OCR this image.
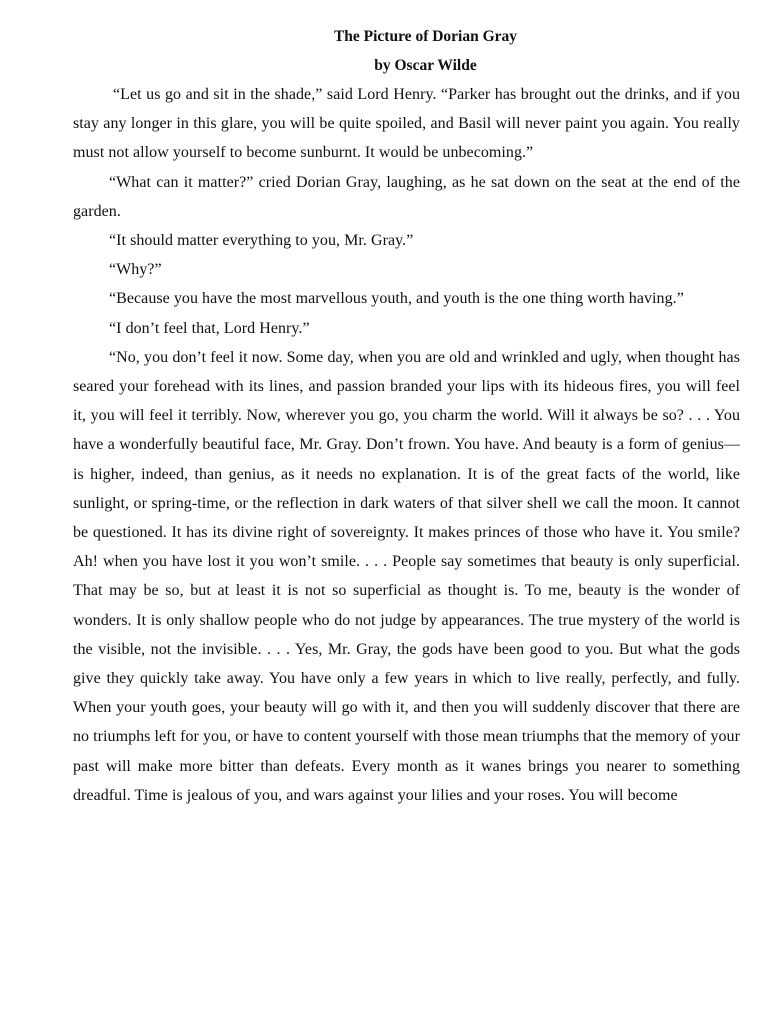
The Picture of Dorian Gray

by Oscar Wilde

“Let us go and sit in the shade,” said Lord Henry. “Parker has brought out the drinks, and if you stay any longer in this glare, you will be quite spoiled, and Basil will never paint you again. You really must not allow yourself to become sunburnt. It would be unbecoming.”

“What can it matter?” cried Dorian Gray, laughing, as he sat down on the seat at the end of the garden.

“It should matter everything to you, Mr. Gray.”

“Why?”

“Because you have the most marvellous youth, and youth is the one thing worth having.”

“I don’t feel that, Lord Henry.”

“No, you don’t feel it now. Some day, when you are old and wrinkled and ugly, when thought has seared your forehead with its lines, and passion branded your lips with its hideous fires, you will feel it, you will feel it terribly. Now, wherever you go, you charm the world. Will it always be so? . . . You have a wonderfully beautiful face, Mr. Gray. Don’t frown. You have. And beauty is a form of genius— is higher, indeed, than genius, as it needs no explanation. It is of the great facts of the world, like sunlight, or spring-time, or the reflection in dark waters of that silver shell we call the moon. It cannot be questioned. It has its divine right of sovereignty. It makes princes of those who have it. You smile? Ah! when you have lost it you won’t smile. . . . People say sometimes that beauty is only superficial. That may be so, but at least it is not so superficial as thought is. To me, beauty is the wonder of wonders. It is only shallow people who do not judge by appearances. The true mystery of the world is the visible, not the invisible. . . . Yes, Mr. Gray, the gods have been good to you. But what the gods give they quickly take away. You have only a few years in which to live really, perfectly, and fully. When your youth goes, your beauty will go with it, and then you will suddenly discover that there are no triumphs left for you, or have to content yourself with those mean triumphs that the memory of your past will make more bitter than defeats. Every month as it wanes brings you nearer to something dreadful. Time is jealous of you, and wars against your lilies and your roses. You will become
